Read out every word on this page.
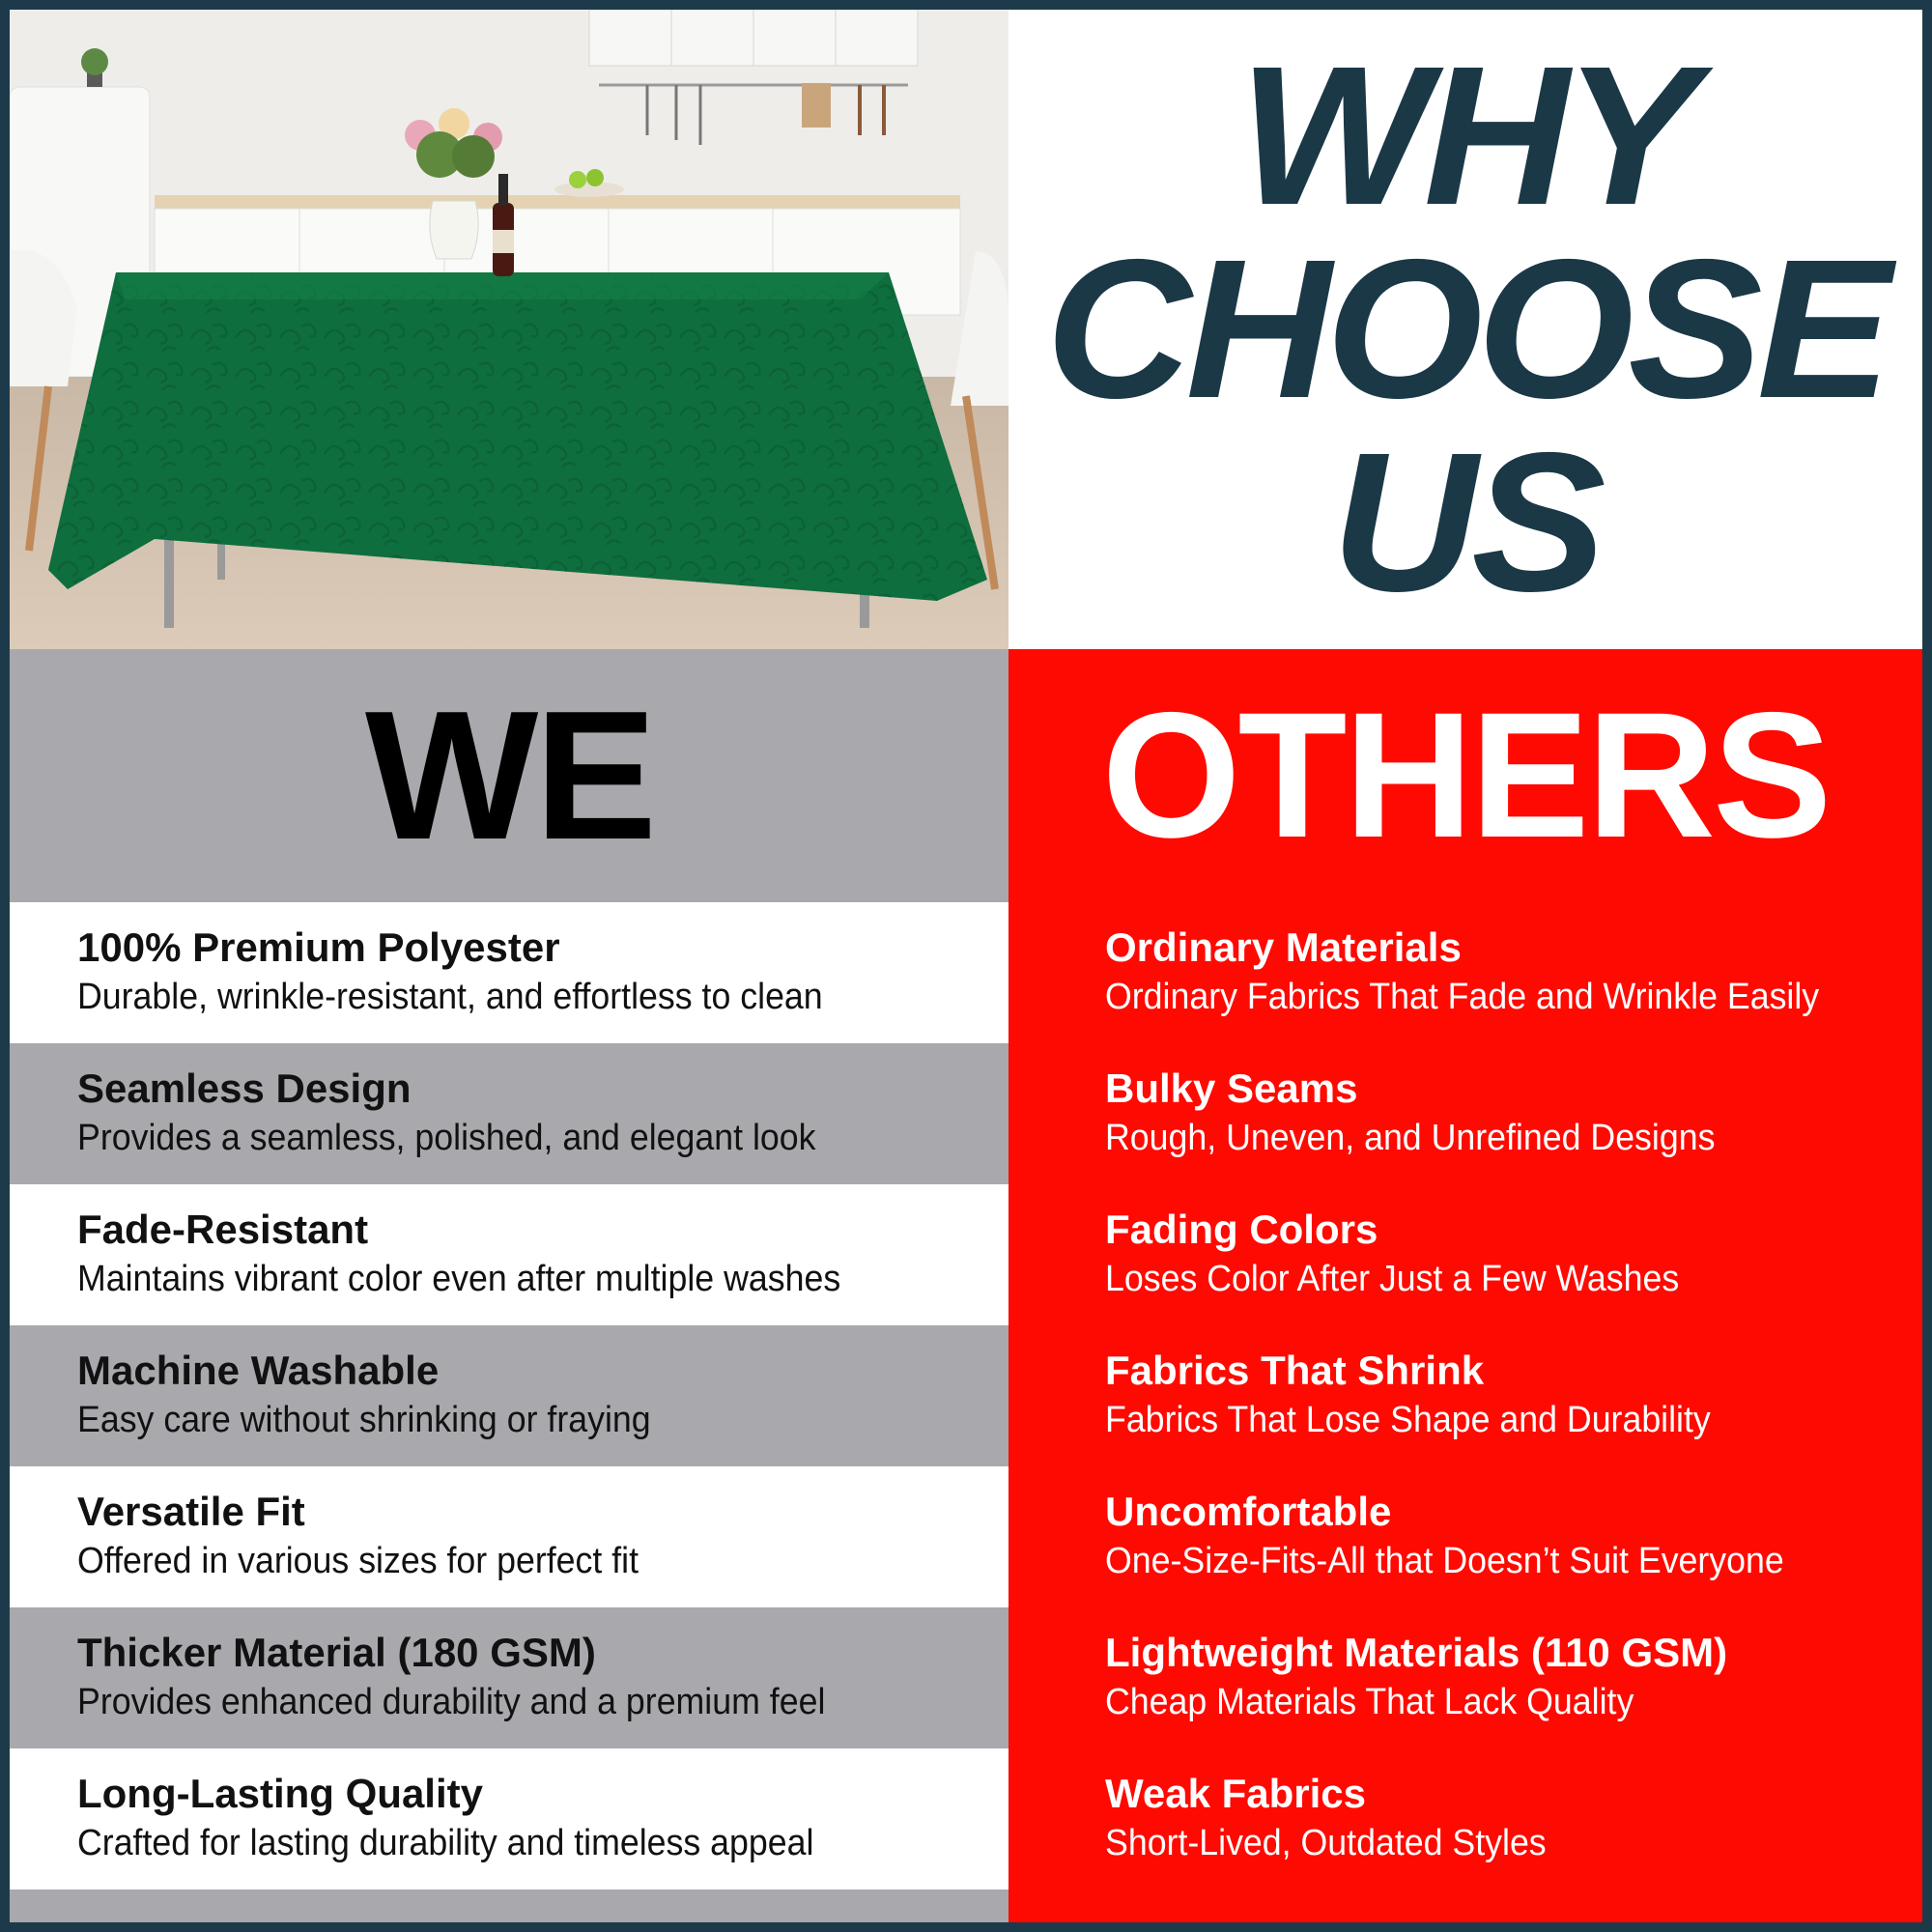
WHY
CHOOSE
US
WE
100% Premium Polyester
Durable, wrinkle-resistant, and effortless to clean
Seamless Design
Provides a seamless, polished, and elegant look
Fade-Resistant
Maintains vibrant color even after multiple washes
Machine Washable
Easy care without shrinking or fraying
Versatile Fit
Offered in various sizes for perfect fit
Thicker Material (180 GSM)
Provides enhanced durability and a premium feel
Long-Lasting Quality
Crafted for lasting durability and timeless appeal
OTHERS
Ordinary Materials
Ordinary Fabrics That Fade and Wrinkle Easily
Bulky Seams
Rough, Uneven, and Unrefined Designs
Fading Colors
Loses Color After Just a Few Washes
Fabrics That Shrink
Fabrics That Lose Shape and Durability
Uncomfortable
One-Size-Fits-All that Doesn’t Suit Everyone
Lightweight Materials (110 GSM)
Cheap Materials That Lack Quality
Weak Fabrics
Short-Lived, Outdated Styles
